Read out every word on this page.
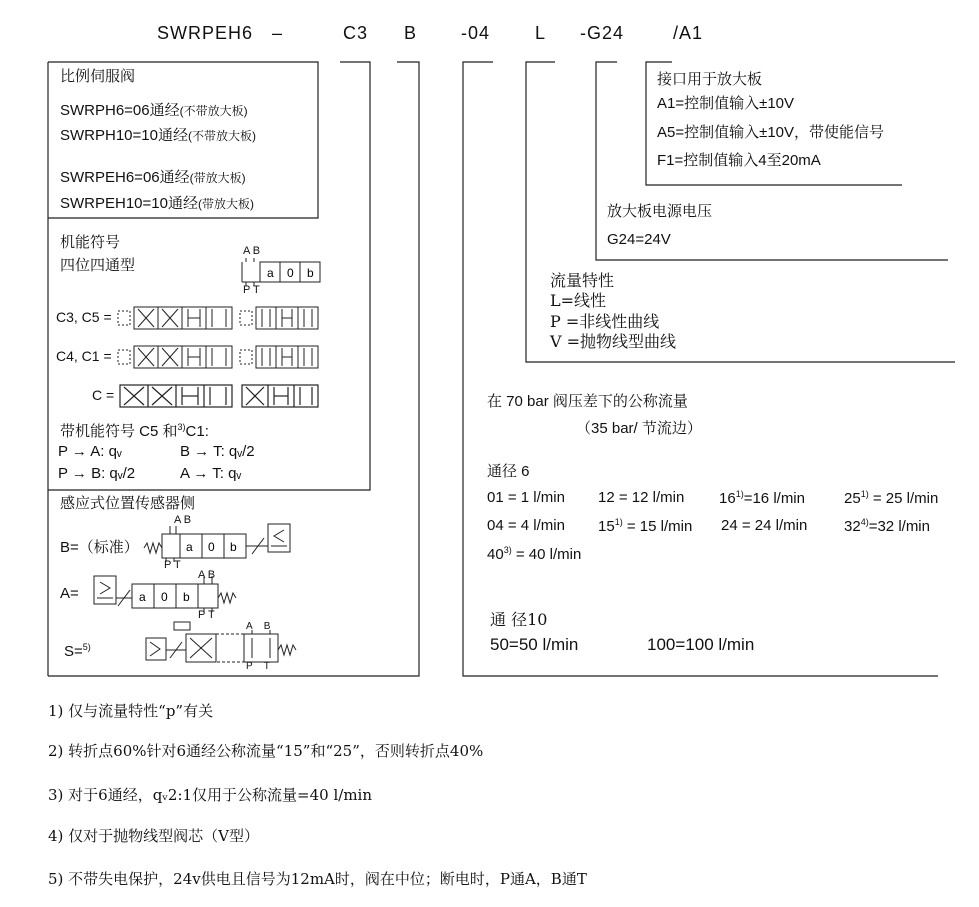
SWRPEH6 –	C3 B -04 L -G24	/A1
比例伺服阀
SWRPH6=06通经(不带放大板)
SWRPH10=10通经(不带放大板)
SWRPEH6=06通经(带放大板)
SWRPEH10=10通经(带放大板)
机能符号
四位四通型
A B
P T
a 0 b
C3, C5 =
C4, C1 =
C =
带机能符号 C5 和$^{3)}$C1:
P → A: qᵥ	B → T: qᵥ/2
P → B: qᵥ/2	A → T: qᵥ
感应式位置传感器侧
B=（标准）
A B
P T
a 0 b
A=
A B
P T
a 0 b
S=$^{5)}$
A B
P T
接口用于放大板
A1=控制值输入±10V
A5=控制值输入±10V，带使能信号
F1=控制值输入4至20mA
放大板电源电压
G24=24V
流量特性
L=线性
P =非线性曲线
V =抛物线型曲线
在 70 bar 阀压差下的公称流量
（35 bar/ 节流边）
通径 6
01 = 1 l/min 12 = 12 l/min $16^{1)}=16$ l/min	$25^{1)} = 25$ l/min
04 = 4 l/min $15^{1)} = 15$ l/min 24 = 24 l/min $32^{4)}=32$ l/min
$40^{3)} = 40$ l/min
通 径10
50=50 l/min	100=100 l/min
1) 仅与流量特性“p”有关
2) 转折点60%针对6通经公称流量“15”和“25”，否则转折点40%
3) 对于6通经，qᵥ2:1仅用于公称流量=40 l/min
4) 仅对于抛物线型阀芯（V型）
5) 不带失电保护，24v供电且信号为12mA时，阀在中位；断电时，P通A，B通T
